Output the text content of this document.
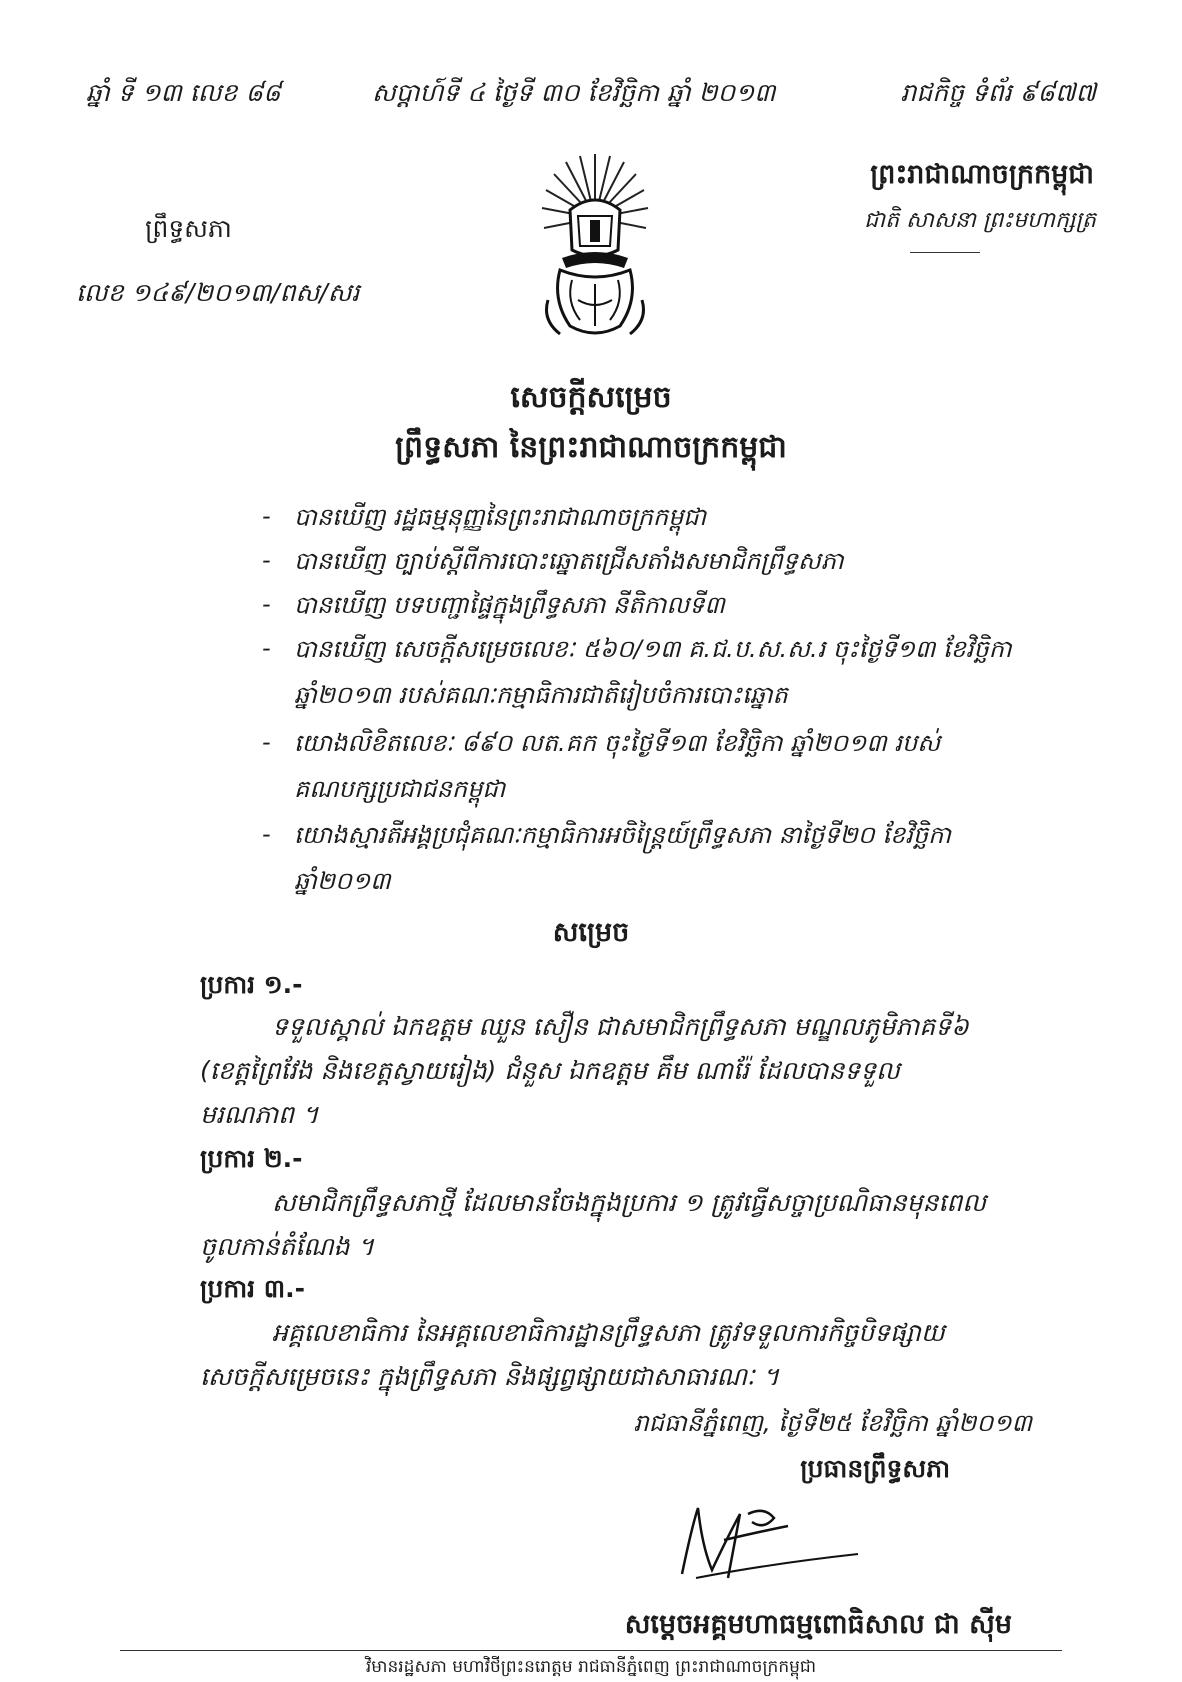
ឆ្នាំ ទី ១៣ លេខ ៨៨	សប្តាហ៍ទី ៤ ថ្ងៃទី ៣០ ខែវិច្ឆិកា ឆ្នាំ ២០១៣	រាជកិច្ច ទំព័រ ៩៨៧៧
ព្រះរាជាណាចក្រកម្ពុជា
ជាតិ សាសនា ព្រះមហាក្សត្រ
ព្រឹទ្ធសភា
លេខ ១៤៩/២០១៣/ពស/សរ
សេចក្តីសម្រេច
ព្រឹទ្ធសភា នៃព្រះរាជាណាចក្រកម្ពុជា
- បានឃើញ រដ្ឋធម្មនុញ្ញនៃព្រះរាជាណាចក្រកម្ពុជា
- បានឃើញ ច្បាប់ស្តីពីការបោះឆ្នោតជ្រើសតាំងសមាជិកព្រឹទ្ធសភា
- បានឃើញ បទបញ្ជាផ្ទៃក្នុងព្រឹទ្ធសភា នីតិកាលទី៣
- បានឃើញ សេចក្តីសម្រេចលេខៈ ៥៦០/១៣ គ.ជ.ប.ស.ស.រ ចុះថ្ងៃទី១៣ ខែវិច្ឆិកា
ឆ្នាំ២០១៣ របស់គណៈកម្មាធិការជាតិរៀបចំការបោះឆ្នោត
- យោងលិខិតលេខៈ ៨៩០ លត.គក ចុះថ្ងៃទី១៣ ខែវិច្ឆិកា ឆ្នាំ២០១៣ របស់
គណបក្សប្រជាជនកម្ពុជា
- យោងស្មារតីអង្គប្រជុំគណៈកម្មាធិការអចិន្ត្រៃយ៍ព្រឹទ្ធសភា នាថ្ងៃទី២០ ខែវិច្ឆិកា
ឆ្នាំ២០១៣
សម្រេច
ប្រការ ១.-
ទទួលស្គាល់ ឯកឧត្តម ឈួន សឿន ជាសមាជិកព្រឹទ្ធសភា មណ្ឌលភូមិភាគទី៦
(ខេត្តព្រៃវែង និងខេត្តស្វាយរៀង) ជំនួស ឯកឧត្តម គឹម ណារ៉ែ ដែលបានទទួល
មរណភាព ។
ប្រការ ២.-
សមាជិកព្រឹទ្ធសភាថ្មី ដែលមានចែងក្នុងប្រការ ១ ត្រូវធ្វើសច្ចាប្រណិធានមុនពេល
ចូលកាន់តំណែង ។
ប្រការ ៣.-
អគ្គលេខាធិការ នៃអគ្គលេខាធិការដ្ឋានព្រឹទ្ធសភា ត្រូវទទួលការកិច្ចបិទផ្សាយ
សេចក្តីសម្រេចនេះ ក្នុងព្រឹទ្ធសភា និងផ្សព្វផ្សាយជាសាធារណៈ ។
រាជធានីភ្នំពេញ, ថ្ងៃទី២៥ ខែវិច្ឆិកា ឆ្នាំ២០១៣
ប្រធានព្រឹទ្ធសភា
សម្តេចអគ្គមហាធម្មពោធិសាល ជា ស៊ីម
វិមានរដ្ឋសភា មហាវិថីព្រះនរោត្តម រាជធានីភ្នំពេញ ព្រះរាជាណាចក្រកម្ពុជា
